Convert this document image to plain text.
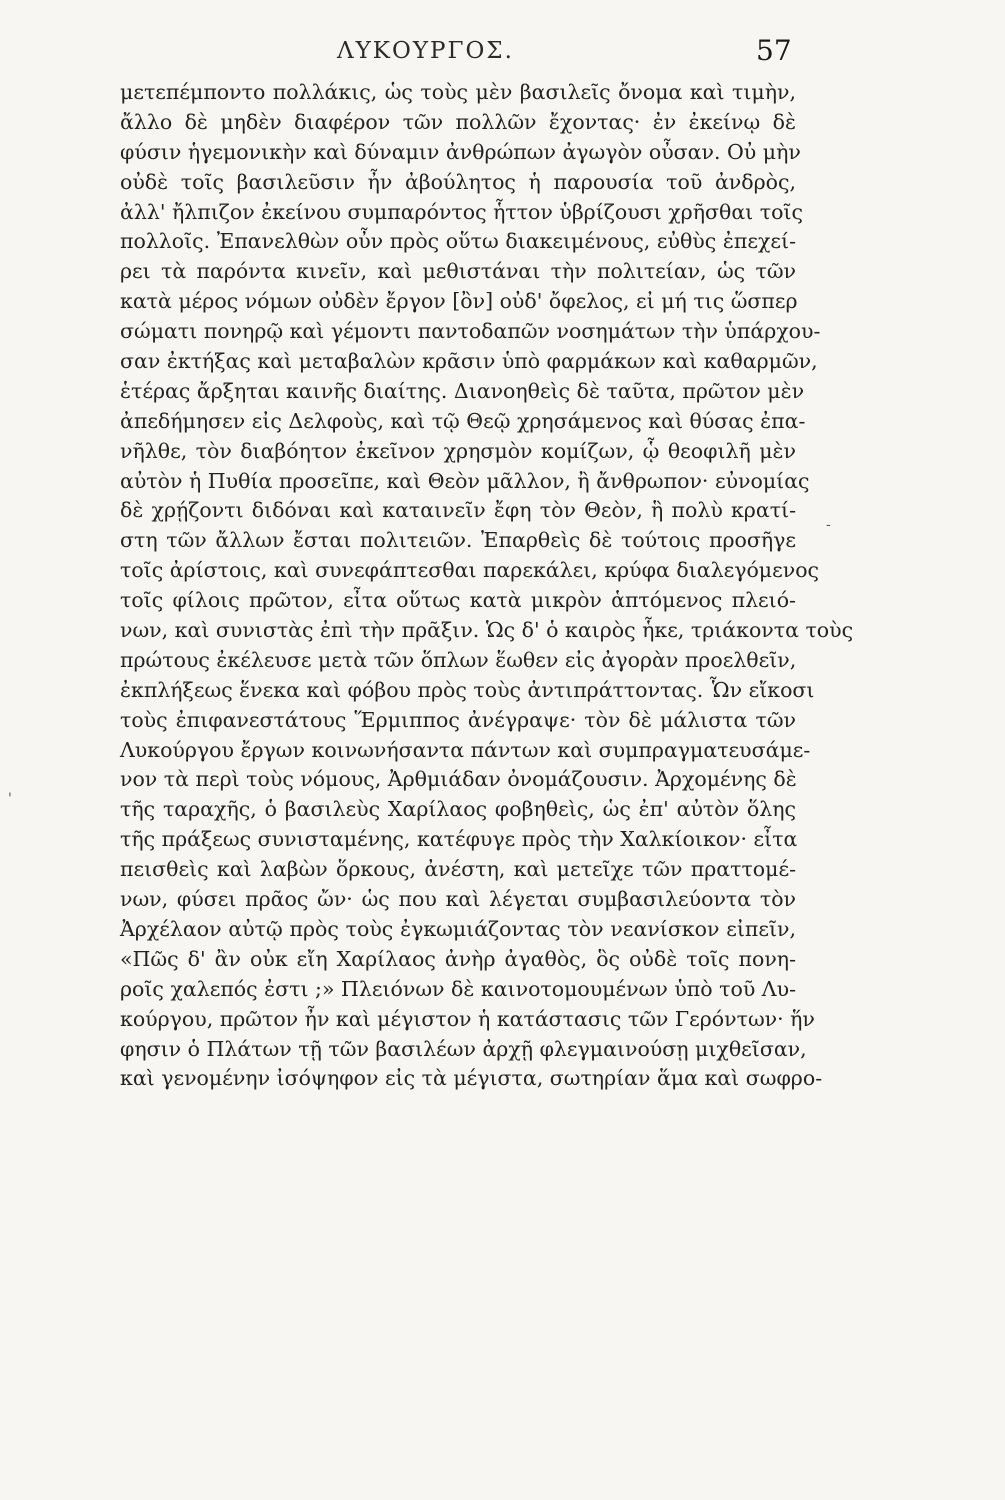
ΛΥΚΟΥΡΓΟΣ.	57
μετεπέμποντο πολλάκις, ὡς τοὺς μὲν βασιλεῖς ὄνομα καὶ τιμὴν,
ἄλλο δὲ μηδὲν διαφέρον τῶν πολλῶν ἔχοντας· ἐν ἐκείνῳ δὲ
φύσιν ἡγεμονικὴν καὶ δύναμιν ἀνθρώπων ἀγωγὸν οὖσαν. Οὐ μὴν
οὐδὲ τοῖς βασιλεῦσιν ἦν ἀβούλητος ἡ παρουσία τοῦ ἀνδρὸς,
ἀλλ' ἤλπιζον ἐκείνου συμπαρόντος ἧττον ὑβρίζουσι χρῆσθαι τοῖς
πολλοῖς. Ἐπανελθὼν οὖν πρὸς οὕτω διακειμένους, εὐθὺς ἐπεχεί-
ρει τὰ παρόντα κινεῖν, καὶ μεθιστάναι τὴν πολιτείαν, ὡς τῶν
κατὰ μέρος νόμων οὐδὲν ἔργον [ὂν] οὐδ' ὄφελος, εἰ μή τις ὥσπερ
σώματι πονηρῷ καὶ γέμοντι παντοδαπῶν νοσημάτων τὴν ὑπάρχου-
σαν ἐκτήξας καὶ μεταβαλὼν κρᾶσιν ὑπὸ φαρμάκων καὶ καθαρμῶν,
ἑτέρας ἄρξηται καινῆς διαίτης. Διανοηθεὶς δὲ ταῦτα, πρῶτον μὲν
ἀπεδήμησεν εἰς Δελφοὺς, καὶ τῷ Θεῷ χρησάμενος καὶ θύσας ἐπα-
νῆλθε, τὸν διαβόητον ἐκεῖνον χρησμὸν κομίζων, ᾧ θεοφιλῆ μὲν
αὐτὸν ἡ Πυθία προσεῖπε, καὶ Θεὸν μᾶλλον, ἢ ἄνθρωπον· εὐνομίας
δὲ χρῄζοντι διδόναι καὶ καταινεῖν ἔφη τὸν Θεὸν, ἣ πολὺ κρατί-
στη τῶν ἄλλων ἔσται πολιτειῶν. Ἐπαρθεὶς δὲ τούτοις προσῆγε
τοῖς ἀρίστοις, καὶ συνεφάπτεσθαι παρεκάλει, κρύφα διαλεγόμενος
τοῖς φίλοις πρῶτον, εἶτα οὕτως κατὰ μικρὸν ἁπτόμενος πλειό-
νων, καὶ συνιστὰς ἐπὶ τὴν πρᾶξιν. Ὡς δ' ὁ καιρὸς ἧκε, τριάκοντα τοὺς
πρώτους ἐκέλευσε μετὰ τῶν ὅπλων ἕωθεν εἰς ἀγορὰν προελθεῖν,
ἐκπλήξεως ἕνεκα καὶ φόβου πρὸς τοὺς ἀντιπράττοντας. Ὧν εἴκοσι
τοὺς ἐπιφανεστάτους Ἕρμιππος ἀνέγραψε· τὸν δὲ μάλιστα τῶν
Λυκούργου ἔργων κοινωνήσαντα πάντων καὶ συμπραγματευσάμε-
νον τὰ περὶ τοὺς νόμους, Ἀρθμιάδαν ὀνομάζουσιν. Ἀρχομένης δὲ
τῆς ταραχῆς, ὁ βασιλεὺς Χαρίλαος φοβηθεὶς, ὡς ἐπ' αὐτὸν ὅλης
τῆς πράξεως συνισταμένης, κατέφυγε πρὸς τὴν Χαλκίοικον· εἶτα
πεισθεὶς καὶ λαβὼν ὅρκους, ἀνέστη, καὶ μετεῖχε τῶν πραττομέ-
νων, φύσει πρᾶος ὤν· ὡς που καὶ λέγεται συμβασιλεύοντα τὸν
Ἀρχέλαον αὐτῷ πρὸς τοὺς ἐγκωμιάζοντας τὸν νεανίσκον εἰπεῖν,
«Πῶς δ' ἂν οὐκ εἴη Χαρίλαος ἀνὴρ ἀγαθὸς, ὃς οὐδὲ τοῖς πονη-
ροῖς χαλεπός ἐστι ;» Πλειόνων δὲ καινοτομουμένων ὑπὸ τοῦ Λυ-
κούργου, πρῶτον ἦν καὶ μέγιστον ἡ κατάστασις τῶν Γερόντων· ἥν
φησιν ὁ Πλάτων τῇ τῶν βασιλέων ἀρχῇ φλεγμαινούσῃ μιχθεῖσαν,
καὶ γενομένην ἰσόψηφον εἰς τὰ μέγιστα, σωτηρίαν ἅμα καὶ σωφρο-
-
'
